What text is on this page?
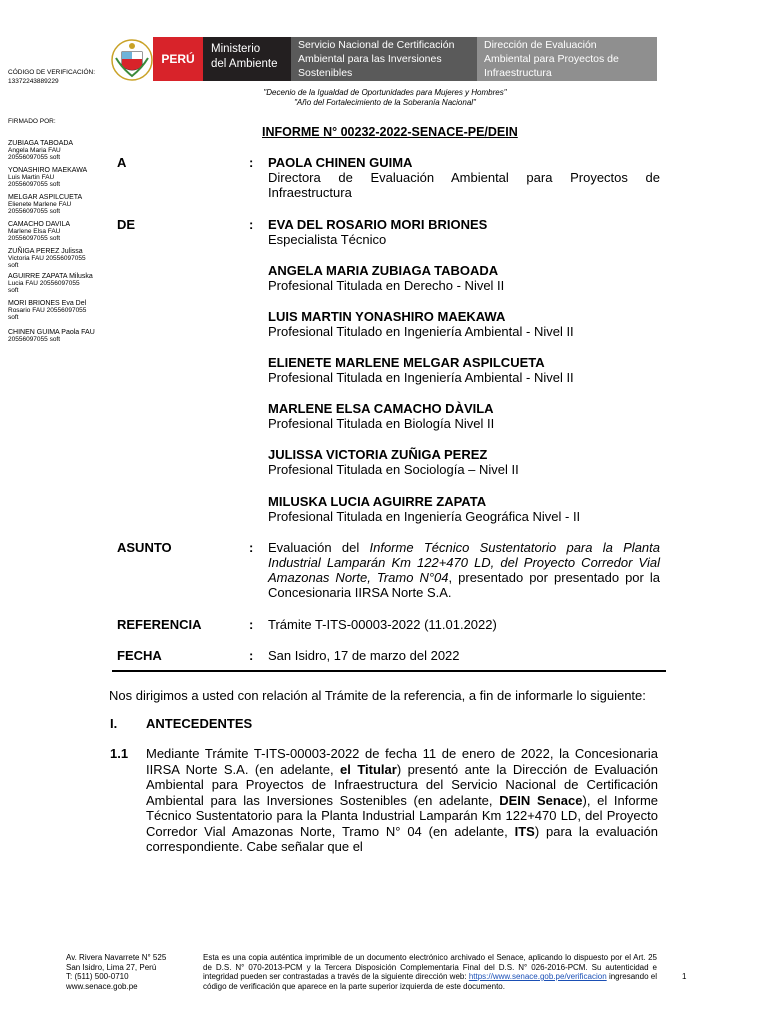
PERÚ
Ministerio
del Ambiente
Servicio Nacional de Certificación
Ambiental para las Inversiones
Sostenibles
Dirección de Evaluación
Ambiental para Proyectos de
Infraestructura
"Decenio de la Igualdad de Oportunidades para Mujeres y Hombres"
"Año del Fortalecimiento de la Soberanía Nacional"
CÓDIGO DE VERIFICACIÓN:
13372243889229
FIRMADO POR:
ZUBIAGA TABOADA
Angela Maria FAU
20556097055 soft
YONASHIRO MAEKAWA
Luis Martin FAU
20556097055 soft
MELGAR ASPILCUETA
Elienete Marlene FAU
20556097055 soft
CAMACHO DAVILA
Marlene Elsa FAU
20556097055 soft
ZUÑIGA PEREZ Julissa
Victoria FAU 20556097055
soft
AGUIRRE ZAPATA Miluska
Lucia FAU 20556097055
soft
MORI BRIONES Eva Del
Rosario FAU 20556097055
soft
CHINEN GUIMA Paola FAU
20556097055 soft
INFORME N° 00232-2022-SENACE-PE/DEIN
A	: PAOLA CHINEN GUIMA
Directora de Evaluación Ambiental para Proyectos de Infraestructura
DE	: EVA DEL ROSARIO MORI BRIONES
Especialista Técnico
ANGELA MARIA ZUBIAGA TABOADA
Profesional Titulada en Derecho - Nivel II
LUIS MARTIN YONASHIRO MAEKAWA
Profesional Titulado en Ingeniería Ambiental - Nivel II
ELIENETE MARLENE MELGAR ASPILCUETA
Profesional Titulada en Ingeniería Ambiental - Nivel II
MARLENE ELSA CAMACHO DÀVILA
Profesional Titulada en Biología Nivel II
JULISSA VICTORIA ZUÑIGA PEREZ
Profesional Titulada en Sociología – Nivel II
MILUSKA LUCIA AGUIRRE ZAPATA
Profesional Titulada en Ingeniería Geográfica Nivel - II
ASUNTO	: Evaluación del Informe Técnico Sustentatorio para la Planta Industrial Lamparán Km 122+470 LD, del Proyecto Corredor Vial Amazonas Norte, Tramo N°04, presentado por presentado por la Concesionaria IIRSA Norte S.A.
REFERENCIA	: Trámite T-ITS-00003-2022 (11.01.2022)
FECHA	: San Isidro, 17 de marzo del 2022
Nos dirigimos a usted con relación al Trámite de la referencia, a fin de informarle lo siguiente:
I. ANTECEDENTES
1.1 Mediante Trámite T-ITS-00003-2022 de fecha 11 de enero de 2022, la Concesionaria IIRSA Norte S.A. (en adelante, el Titular) presentó ante la Dirección de Evaluación Ambiental para Proyectos de Infraestructura del Servicio Nacional de Certificación Ambiental para las Inversiones Sostenibles (en adelante, DEIN Senace), el Informe Técnico Sustentatorio para la Planta Industrial Lamparán Km 122+470 LD, del Proyecto Corredor Vial Amazonas Norte, Tramo N° 04 (en adelante, ITS) para la evaluación correspondiente. Cabe señalar que el
Av. Rivera Navarrete N° 525
San Isidro, Lima 27, Perú
T: (511) 500-0710
www.senace.gob.pe
Esta es una copia auténtica imprimible de un documento electrónico archivado el Senace, aplicando lo dispuesto por el Art. 25 de D.S. N° 070-2013-PCM y la Tercera Disposición Complementaria Final del D.S. N° 026-2016-PCM. Su autenticidad e integridad pueden ser contrastadas a través de la siguiente dirección web: https://www.senace.gob.pe/verificacion ingresando el código de verificación que aparece en la parte superior izquierda de este documento.
1
